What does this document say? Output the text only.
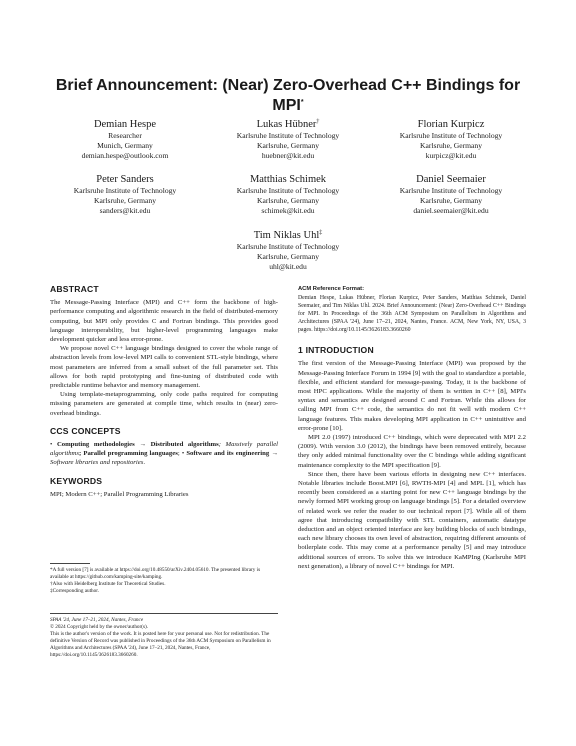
Brief Announcement: (Near) Zero-Overhead C++ Bindings for MPI*
Demian Hespe
Researcher
Munich, Germany
demian.hespe@outlook.com
Lukas Hübner†
Karlsruhe Institute of Technology
Karlsruhe, Germany
huebner@kit.edu
Florian Kurpicz
Karlsruhe Institute of Technology
Karlsruhe, Germany
kurpicz@kit.edu
Peter Sanders
Karlsruhe Institute of Technology
Karlsruhe, Germany
sanders@kit.edu
Matthias Schimek
Karlsruhe Institute of Technology
Karlsruhe, Germany
schimek@kit.edu
Daniel Seemaier
Karlsruhe Institute of Technology
Karlsruhe, Germany
daniel.seemaier@kit.edu
Tim Niklas Uhl‡
Karlsruhe Institute of Technology
Karlsruhe, Germany
uhl@kit.edu
ABSTRACT

The Message-Passing Interface (MPI) and C++ form the backbone of high-performance computing and algorithmic research in the field of distributed-memory computing, but MPI only provides C and Fortran bindings. This provides good language interoperability, but higher-level programming languages make development quicker and less error-prone.

We propose novel C++ language bindings designed to cover the whole range of abstraction levels from low-level MPI calls to convenient STL-style bindings, where most parameters are inferred from a small subset of the full parameter set. This allows for both rapid prototyping and fine-tuning of distributed code with predictable runtime behavior and memory management.

Using template-metaprogramming, only code paths required for computing missing parameters are generated at compile time, which results in (near) zero-overhead bindings.

CCS CONCEPTS

• Computing methodologies → Distributed algorithms; Massively parallel algorithms; Parallel programming languages; • Software and its engineering → Software libraries and repositories.

KEYWORDS

MPI; Modern C++; Parallel Programming Libraries

*A full version [7] is available at https://doi.org/10.48550/arXiv.2404.05610. The presented library is available at https://github.com/kamping-site/kamping.

†Also with Heidelberg Institute for Theoretical Studies.

‡Corresponding author.

SPAA '24, June 17–21, 2024, Nantes, France

© 2024 Copyright held by the owner/author(s).

This is the author's version of the work. It is posted here for your personal use. Not for redistribution. The definitive Version of Record was published in Proceedings of the 36th ACM Symposium on Parallelism in Algorithms and Architectures (SPAA '24), June 17–21, 2024, Nantes, France, https://doi.org/10.1145/3626183.3660260.

ACM Reference Format:

Demian Hespe, Lukas Hübner, Florian Kurpicz, Peter Sanders, Matthias Schimek, Daniel Seemaier, and Tim Niklas Uhl. 2024. Brief Announcement: (Near) Zero-Overhead C++ Bindings for MPI. In Proceedings of the 36th ACM Symposium on Parallelism in Algorithms and Architectures (SPAA '24), June 17–21, 2024, Nantes, France. ACM, New York, NY, USA, 3 pages. https://doi.org/10.1145/3626183.3660260

1 INTRODUCTION

The first version of the Message-Passing Interface (MPI) was proposed by the Message-Passing Interface Forum in 1994 [9] with the goal to standardize a portable, flexible, and efficient standard for message-passing. Today, it is the backbone of most HPC applications. While the majority of them is written in C++ [8], MPI's syntax and semantics are designed around C and Fortran. While this allows for calling MPI from C++ code, the semantics do not fit well with modern C++ language features. This makes developing MPI application in C++ unintuitive and error-prone [10].

MPI 2.0 (1997) introduced C++ bindings, which were deprecated with MPI 2.2 (2009). With version 3.0 (2012), the bindings have been removed entirely, because they only added minimal functionality over the C bindings while adding significant maintenance complexity to the MPI specification [9].

Since then, there have been various efforts in designing new C++ interfaces. Notable libraries include Boost.MPI [6], RWTH-MPI [4] and MPL [1], which has recently been considered as a starting point for new C++ language bindings by the newly formed MPI working group on language bindings [5]. For a detailed overview of related work we refer the reader to our technical report [7]. While all of them agree that introducing compatibility with STL containers, automatic datatype deduction and an object oriented interface are key building blocks of such bindings, each new library chooses its own level of abstraction, requiring different amounts of boilerplate code. This may come at a performance penalty [5] and may introduce additional sources of errors. To solve this we introduce KaMPIng (Karlsruhe MPI next generation), a library of novel C++ bindings for MPI.
